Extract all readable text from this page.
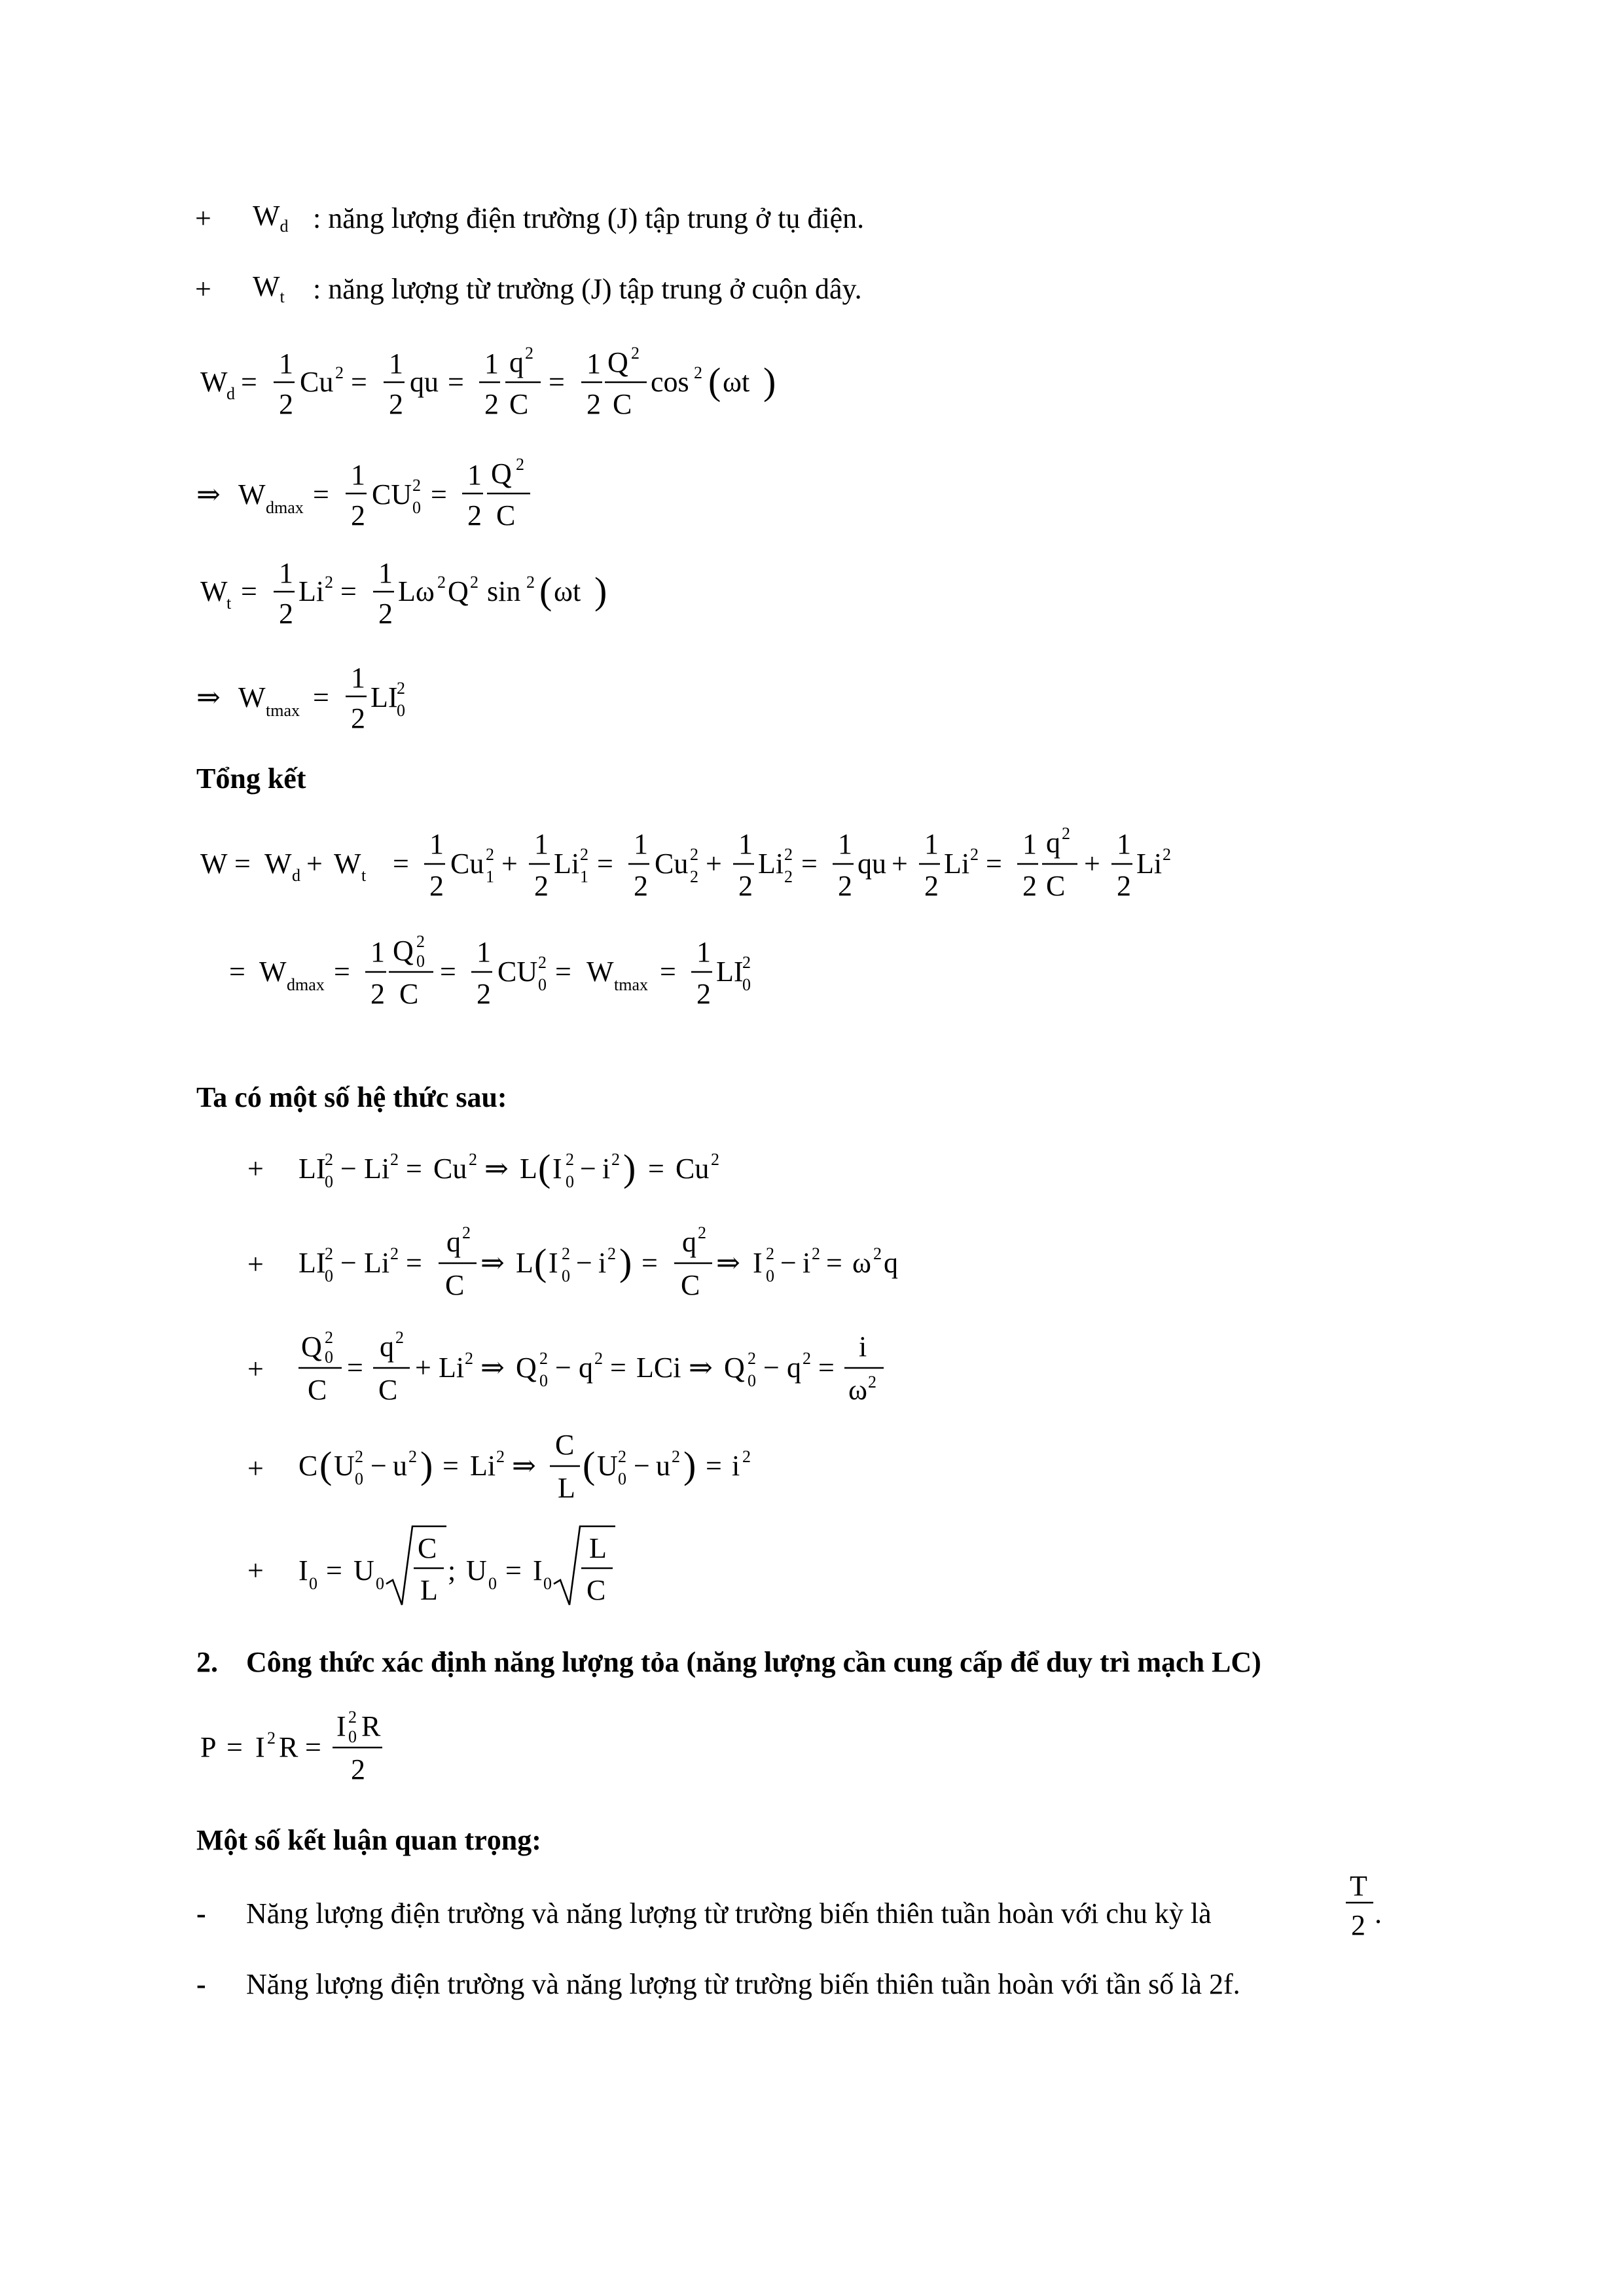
+ $W_d$ : năng lượng điện trường (J) tập trung ở tụ điện.
+ $W_t$ : năng lượng từ trường (J) tập trung ở cuộn dây.
W
d =
1
2
Cu 2 =
1
2
qu =
1
2
q 2
C
=
1
2
Q 2
C
cos 2 ( ωt )
⇒ W dmax =
1
2
CU 2
0 =
1
2
Q 2
C
W
t =
1
2
Li 2 =
1
2
Lω 2 Q 2 sin 2 ( ωt )
⇒ W tmax =
1
2
LI
2
0
Tổng kết
W = W d + W t =
1
2
Cu 2
1 +
1
2
Li 2
1 =
1
2
Cu 2
2 +
1
2
Li 2
2 =
1
2
qu +
1
2
Li 2 =
1
2
q 2
C
+
1
2
Li 2
= W dmax =
1
2
Q 2
0
C
=
1
2
CU 2
0 = W tmax =
1
2
LI
2
0
Ta có một số hệ thức sau:
+ LI
2
0 − Li 2 = Cu 2 ⇒ L ( I 2
0 − i 2 ) = Cu 2
+ LI
2
0 − Li 2 =
q 2
C
⇒ L ( I 2
0 − i 2 ) =
q 2
C
⇒ I 2
0 − i 2 = ω 2 q
+
Q 2
0
C
=
q 2
C
+ Li 2 ⇒ Q 2
0 − q 2 = LCi ⇒ Q 2
0 − q 2 =
i
ω 2
+ C ( U 2
0 − u 2 ) = Li 2 ⇒
C
L
( U 2
0 − u 2 ) = i 2
+ I 0 = U 0
C
L
; U 0 = I 0
L
C
2. Công thức xác định năng lượng tỏa (năng lượng cần cung cấp để duy trì mạch LC)
P = I 2 R =
I 2
0 R
2
Một số kết luận quan trọng:
- Năng lượng điện trường và năng lượng từ trường biến thiên tuần hoàn với chu kỳ là
T
2 .
- Năng lượng điện trường và năng lượng từ trường biến thiên tuần hoàn với tần số là 2f.
